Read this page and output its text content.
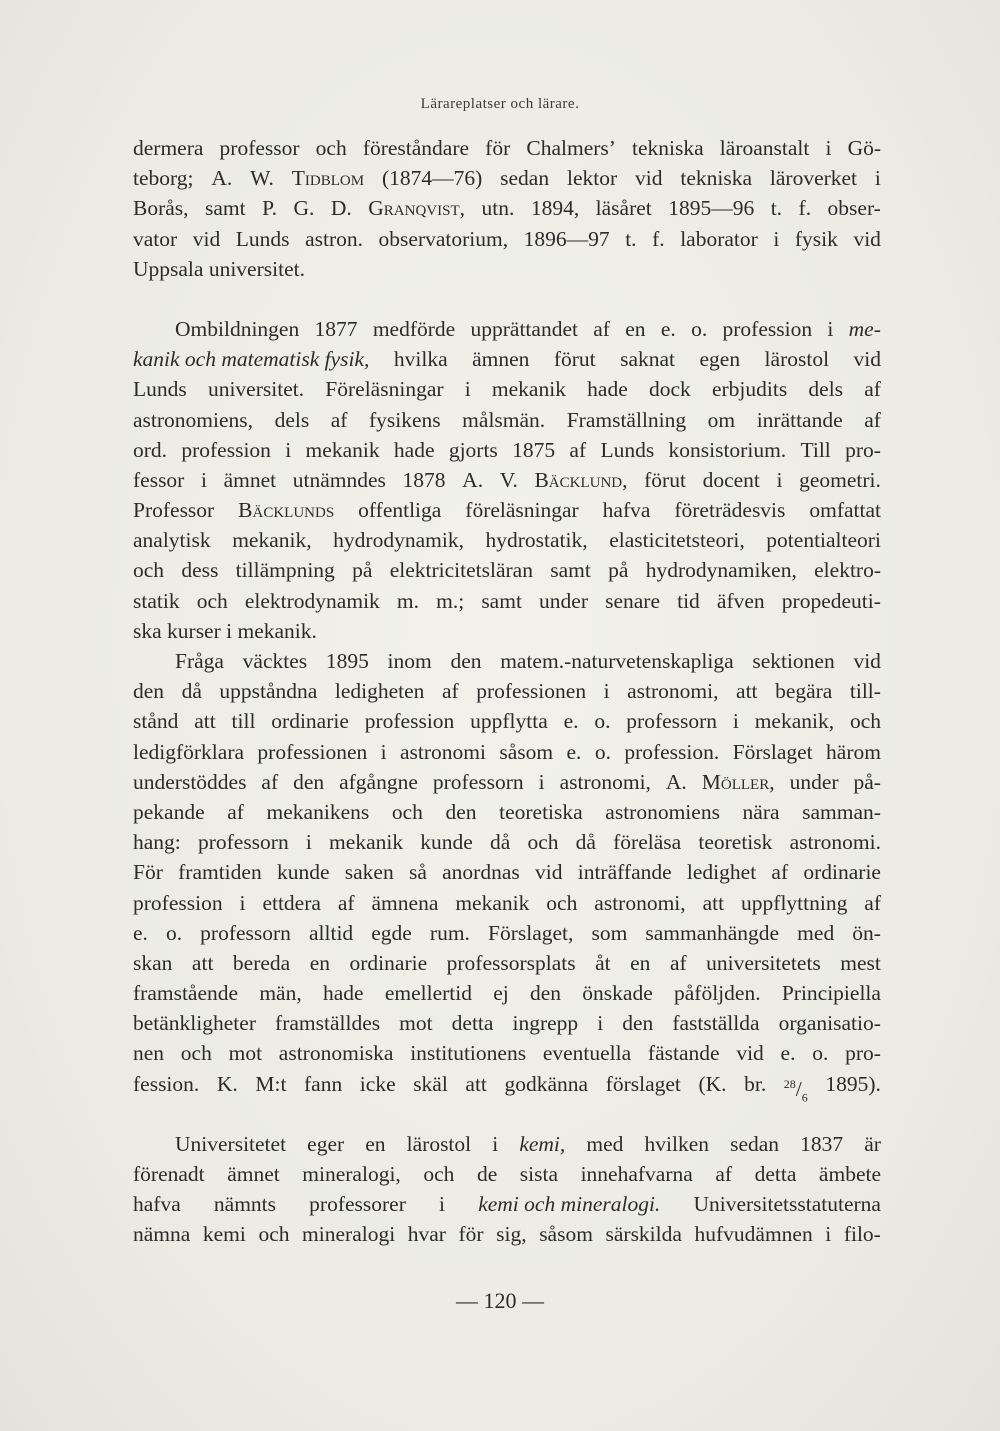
Lärareplatser och lärare.
dermera professor och föreståndare för Chalmers’ tekniska läroanstalt i Gö-
teborg; A. W. Tidblom (1874—76) sedan lektor vid tekniska läroverket i
Borås, samt P. G. D. Granqvist, utn. 1894, läsåret 1895—96 t. f. obser-
vator vid Lunds astron. observatorium, 1896—97 t. f. laborator i fysik vid
Uppsala universitet.
Ombildningen 1877 medförde upprättandet af en e. o. profession i me-
kanik och matematisk fysik, hvilka ämnen förut saknat egen lärostol vid
Lunds universitet. Föreläsningar i mekanik hade dock erbjudits dels af
astronomiens, dels af fysikens målsmän. Framställning om inrättande af
ord. profession i mekanik hade gjorts 1875 af Lunds konsistorium. Till pro-
fessor i ämnet utnämndes 1878 A. V. Bäcklund, förut docent i geometri.
Professor Bäcklunds offentliga föreläsningar hafva företrädesvis omfattat
analytisk mekanik, hydrodynamik, hydrostatik, elasticitetsteori, potentialteori
och dess tillämpning på elektricitetsläran samt på hydrodynamiken, elektro-
statik och elektrodynamik m. m.; samt under senare tid äfven propedeuti-
ska kurser i mekanik.
Fråga väcktes 1895 inom den matem.-naturvetenskapliga sektionen vid
den då uppståndna ledigheten af professionen i astronomi, att begära till-
stånd att till ordinarie profession uppflytta e. o. professorn i mekanik, och
ledigförklara professionen i astronomi såsom e. o. profession. Förslaget härom
understöddes af den afgångne professorn i astronomi, A. Möller, under på-
pekande af mekanikens och den teoretiska astronomiens nära samman-
hang: professorn i mekanik kunde då och då föreläsa teoretisk astronomi.
För framtiden kunde saken så anordnas vid inträffande ledighet af ordinarie
profession i ettdera af ämnena mekanik och astronomi, att uppflyttning af
e. o. professorn alltid egde rum. Förslaget, som sammanhängde med ön-
skan att bereda en ordinarie professorsplats åt en af universitetets mest
framstående män, hade emellertid ej den önskade påföljden. Principiella
betänkligheter framställdes mot detta ingrepp i den fastställda organisatio-
nen och mot astronomiska institutionens eventuella fästande vid e. o. pro-
fession. K. M:t fann icke skäl att godkänna förslaget (K. br. $^{28}/_6$
1895).
Universitetet eger en lärostol i kemi, med hvilken sedan 1837 är
förenadt ämnet mineralogi, och de sista innehafvarna af detta ämbete
hafva nämnts professorer i kemi och mineralogi. Universitetsstatuterna
nämna kemi och mineralogi hvar för sig, såsom särskilda hufvudämnen i filo-
— 120 —
